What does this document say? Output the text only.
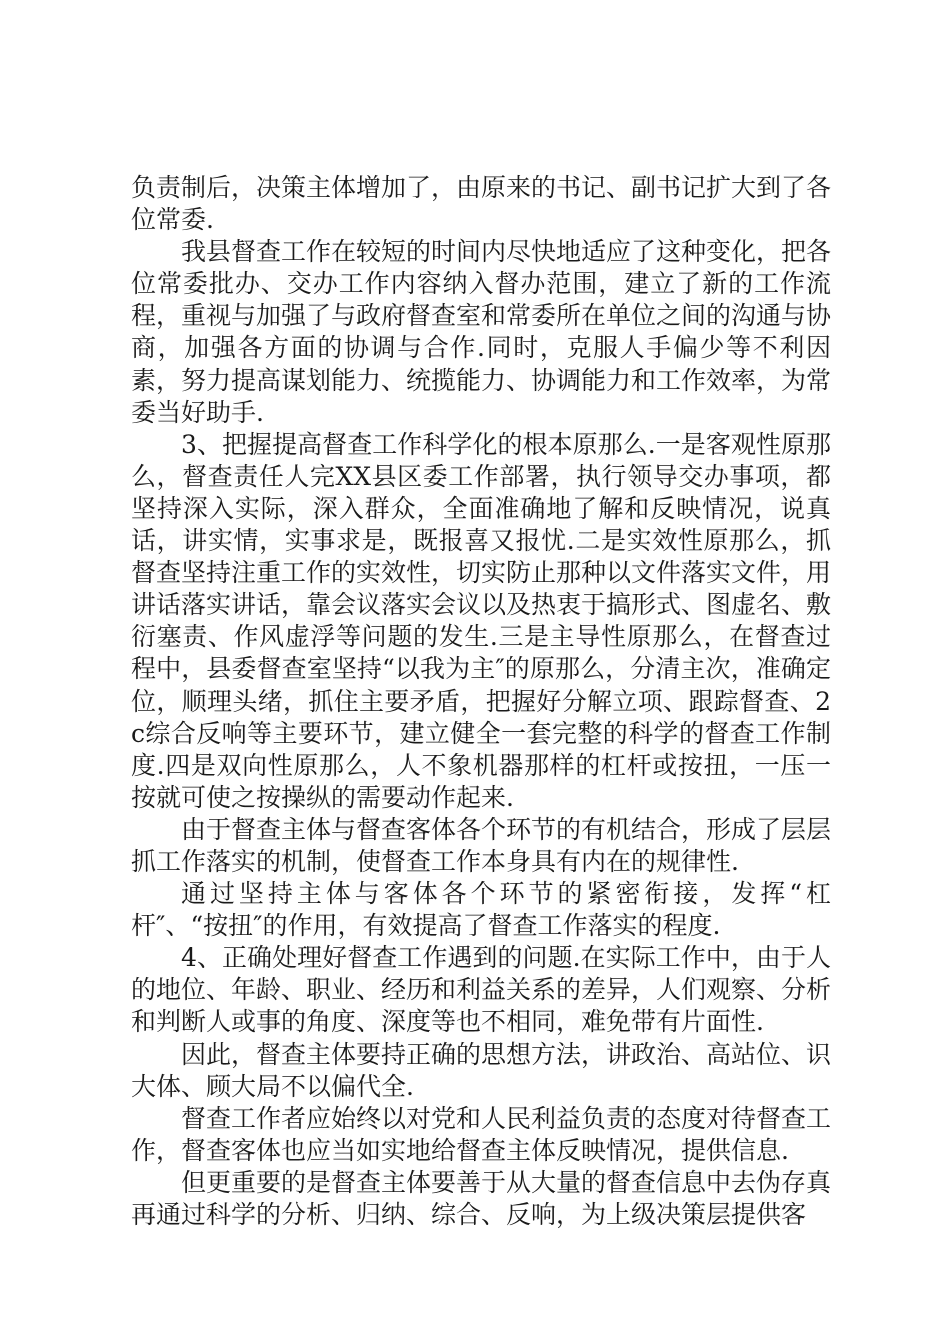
负责制后，决策主体增加了，由原来的书记、副书记扩大到了各位常委.

我县督查工作在较短的时间内尽快地适应了这种变化，把各位常委批办、交办工作内容纳入督办范围，建立了新的工作流程，重视与加强了与政府督查室和常委所在单位之间的沟通与协商，加强各方面的协调与合作.同时，克服人手偏少等不利因素，努力提高谋划能力、统揽能力、协调能力和工作效率，为常委当好助手.

3、把握提高督查工作科学化的根本原那么.一是客观性原那么，督查责任人完XX县区委工作部署，执行领导交办事项，都坚持深入实际，深入群众，全面准确地了解和反映情况，说真话，讲实情，实事求是，既报喜又报忧.二是实效性原那么，抓督查坚持注重工作的实效性，切实防止那种以文件落实文件，用讲话落实讲话，靠会议落实会议以及热衷于搞形式、图虚名、敷衍塞责、作风虚浮等问题的发生.三是主导性原那么，在督查过程中，县委督查室坚持“以我为主″的原那么，分清主次，准确定位，顺理头绪，抓住主要矛盾，把握好分解立项、跟踪督查、2c综合反响等主要环节，建立健全一套完整的科学的督查工作制度.四是双向性原那么，人不象机器那样的杠杆或按扭，一压一按就可使之按操纵的需要动作起来.

由于督查主体与督查客体各个环节的有机结合，形成了层层抓工作落实的机制，使督查工作本身具有内在的规律性.

通过坚持主体与客体各个环节的紧密衔接，发挥“杠杆″、“按扭″的作用，有效提高了督查工作落实的程度.

4、正确处理好督查工作遇到的问题.在实际工作中，由于人的地位、年龄、职业、经历和利益关系的差异，人们观察、分析和判断人或事的角度、深度等也不相同，难免带有片面性.

因此，督查主体要持正确的思想方法，讲政治、高站位、识大体、顾大局不以偏代全.

督查工作者应始终以对党和人民利益负责的态度对待督查工作，督查客体也应当如实地给督查主体反映情况，提供信息.

但更重要的是督查主体要善于从大量的督查信息中去伪存真再通过科学的分析、归纳、综合、反响，为上级决策层提供客
